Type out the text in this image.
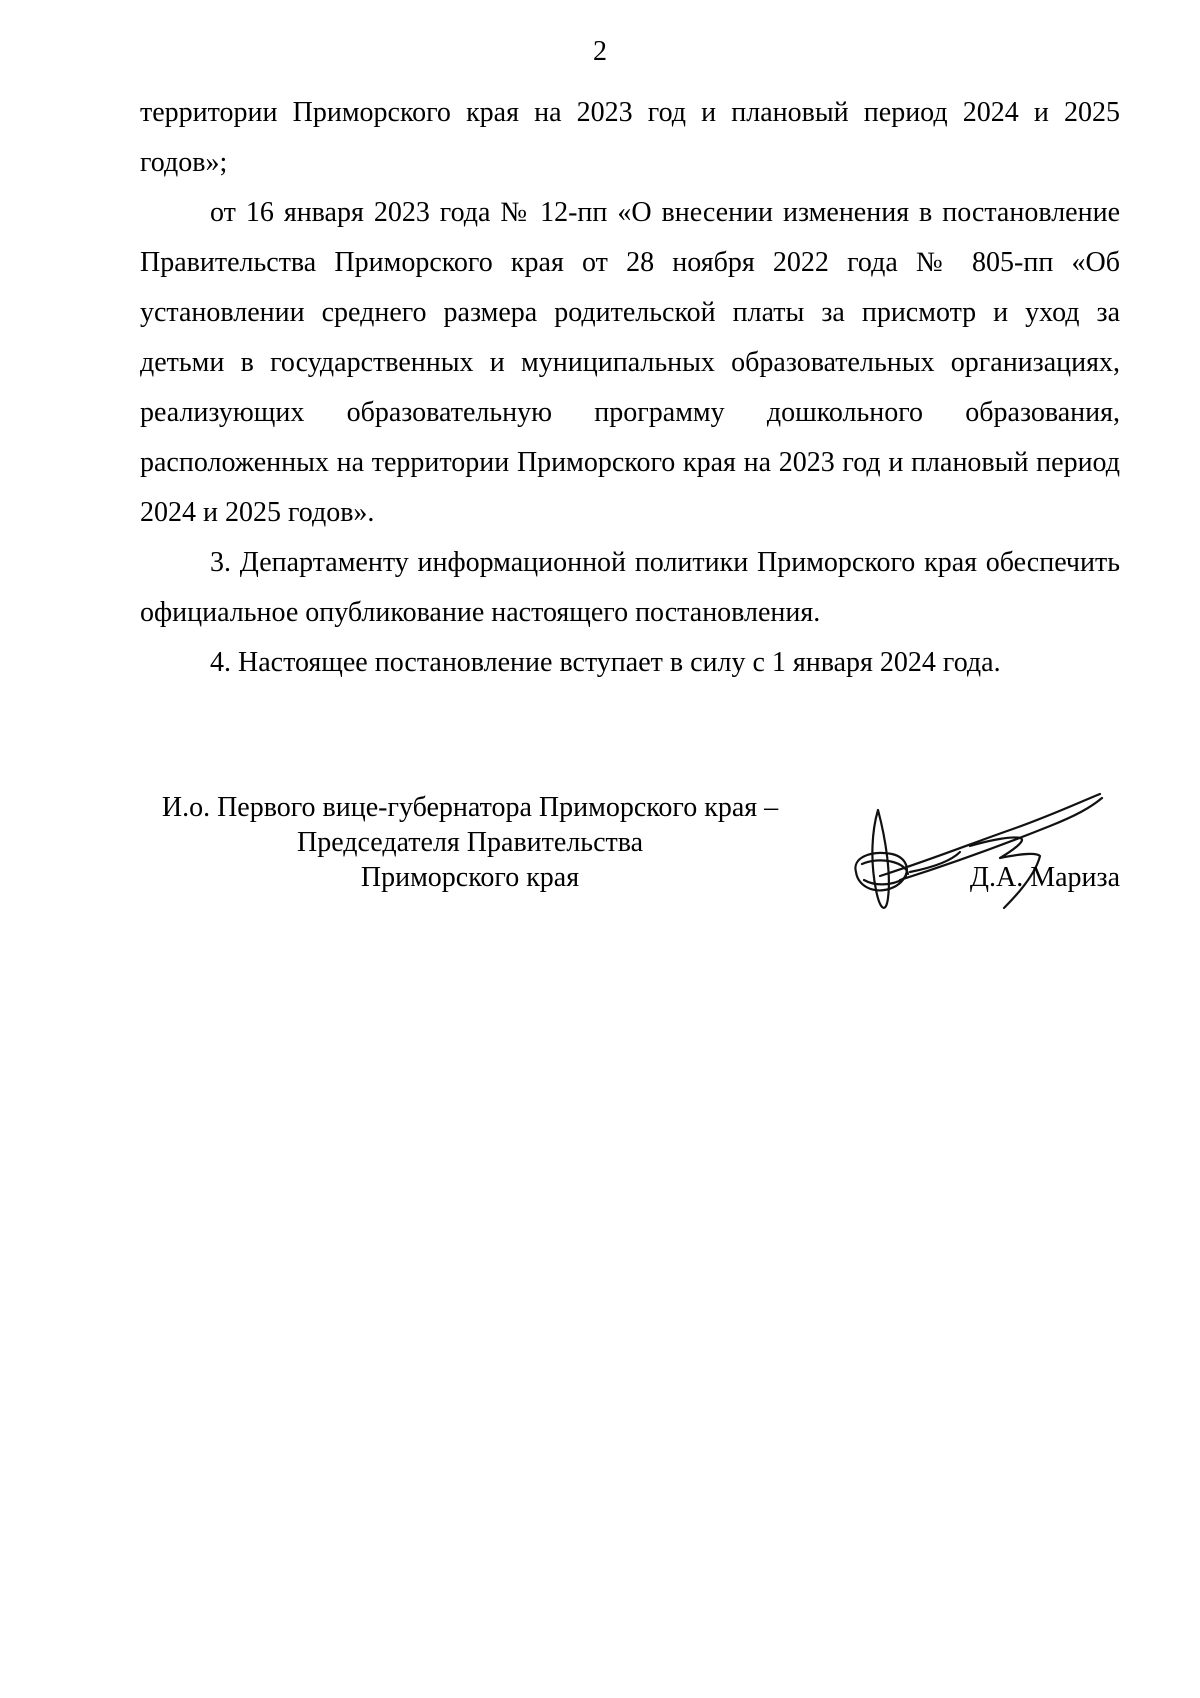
2

территории Приморского края на 2023 год и плановый период 2024 и 2025 годов»;

от 16 января 2023 года № 12-пп «О внесении изменения в постановление Правительства Приморского края от 28 ноября 2022 года № 805-пп «Об установлении среднего размера родительской платы за присмотр и уход за детьми в государственных и муниципальных образовательных организациях, реализующих образовательную программу дошкольного образования, расположенных на территории Приморского края на 2023 год и плановый период 2024 и 2025 годов».

3. Департаменту информационной политики Приморского края обеспечить официальное опубликование настоящего постановления.

4. Настоящее постановление вступает в силу с 1 января 2024 года.

И.о. Первого вице-губернатора Приморского края –
Председателя Правительства
Приморского края	Д.А. Мариза
